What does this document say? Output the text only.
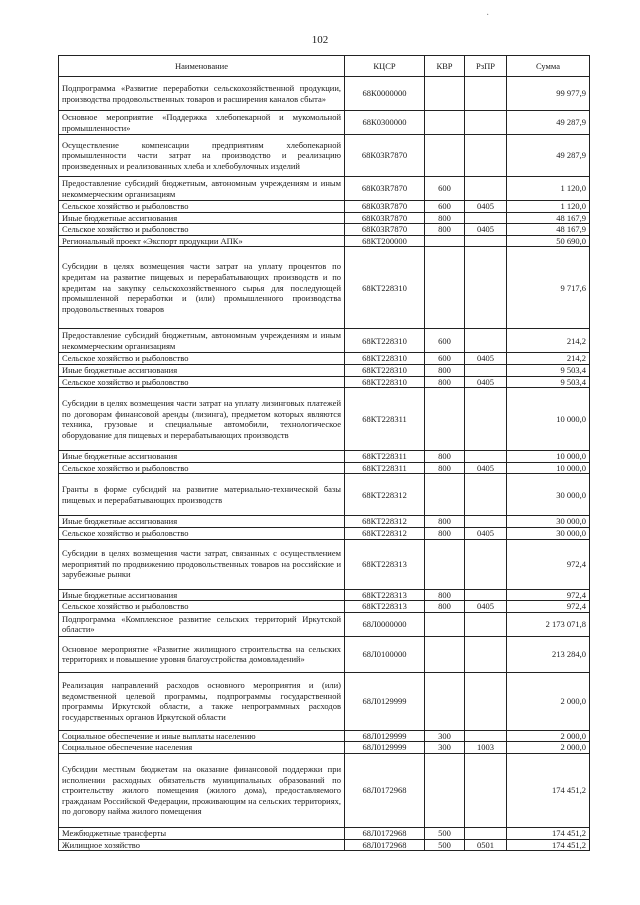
·
102
Наименование	КЦСР	КВР	РзПР	Сумма
Подпрограмма «Развитие переработки сельскохозяйственной продукции, производства продовольственных товаров и расширения каналов сбыта»	68К0000000			99 977,9
Основное мероприятие «Поддержка хлебопекарной и мукомольной промышленности»	68К0300000			49 287,9
Осуществление компенсации предприятиям хлебопекарной промышленности части затрат на производство и реализацию произведенных и реализованных хлеба и хлебобулочных изделий	68К03R7870			49 287,9
Предоставление субсидий бюджетным, автономным учреждениям и иным некоммерческим организациям	68К03R7870	600		1 120,0
Сельское хозяйство и рыболовство	68К03R7870	600	0405	1 120,0
Иные бюджетные ассигнования	68К03R7870	800		48 167,9
Сельское хозяйство и рыболовство	68К03R7870	800	0405	48 167,9
Региональный проект «Экспорт продукции АПК»	68КТ200000			50 690,0
Субсидии в целях возмещения части затрат на уплату процентов по кредитам на развитие пищевых и перерабатывающих производств и по кредитам на закупку сельскохозяйственного сырья для последующей промышленной переработки и (или) промышленного производства продовольственных товаров	68КТ228310			9 717,6
Предоставление субсидий бюджетным, автономным учреждениям и иным некоммерческим организациям	68КТ228310	600		214,2
Сельское хозяйство и рыболовство	68КТ228310	600	0405	214,2
Иные бюджетные ассигнования	68КТ228310	800		9 503,4
Сельское хозяйство и рыболовство	68КТ228310	800	0405	9 503,4
Субсидии в целях возмещения части затрат на уплату лизинговых платежей по договорам финансовой аренды (лизинга), предметом которых являются техника, грузовые и специальные автомобили, технологическое оборудование для пищевых и перерабатывающих производств	68КТ228311			10 000,0
Иные бюджетные ассигнования	68КТ228311	800		10 000,0
Сельское хозяйство и рыболовство	68КТ228311	800	0405	10 000,0
Гранты в форме субсидий на развитие материально-технической базы пищевых и перерабатывающих производств	68КТ228312			30 000,0
Иные бюджетные ассигнования	68КТ228312	800		30 000,0
Сельское хозяйство и рыболовство	68КТ228312	800	0405	30 000,0
Субсидии в целях возмещения части затрат, связанных с осуществлением мероприятий по продвижению продовольственных товаров на российские и зарубежные рынки	68КТ228313			972,4
Иные бюджетные ассигнования	68КТ228313	800		972,4
Сельское хозяйство и рыболовство	68КТ228313	800	0405	972,4
Подпрограмма «Комплексное развитие сельских территорий Иркутской области»	68Л0000000			2 173 071,8
Основное мероприятие «Развитие жилищного строительства на сельских территориях и повышение уровня благоустройства домовладений»	68Л0100000			213 284,0
Реализация направлений расходов основного мероприятия и (или) ведомственной целевой программы, подпрограммы государственной программы Иркутской области, а также непрограммных расходов государственных органов Иркутской области	68Л0129999			2 000,0
Социальное обеспечение и иные выплаты населению	68Л0129999	300		2 000,0
Социальное обеспечение населения	68Л0129999	300	1003	2 000,0
Субсидии местным бюджетам на оказание финансовой поддержки при исполнении расходных обязательств муниципальных образований по строительству жилого помещения (жилого дома), предоставляемого гражданам Российской Федерации, проживающим на сельских территориях, по договору найма жилого помещения	68Л0172968			174 451,2
Межбюджетные трансферты	68Л0172968	500		174 451,2
Жилищное хозяйство	68Л0172968	500	0501	174 451,2
